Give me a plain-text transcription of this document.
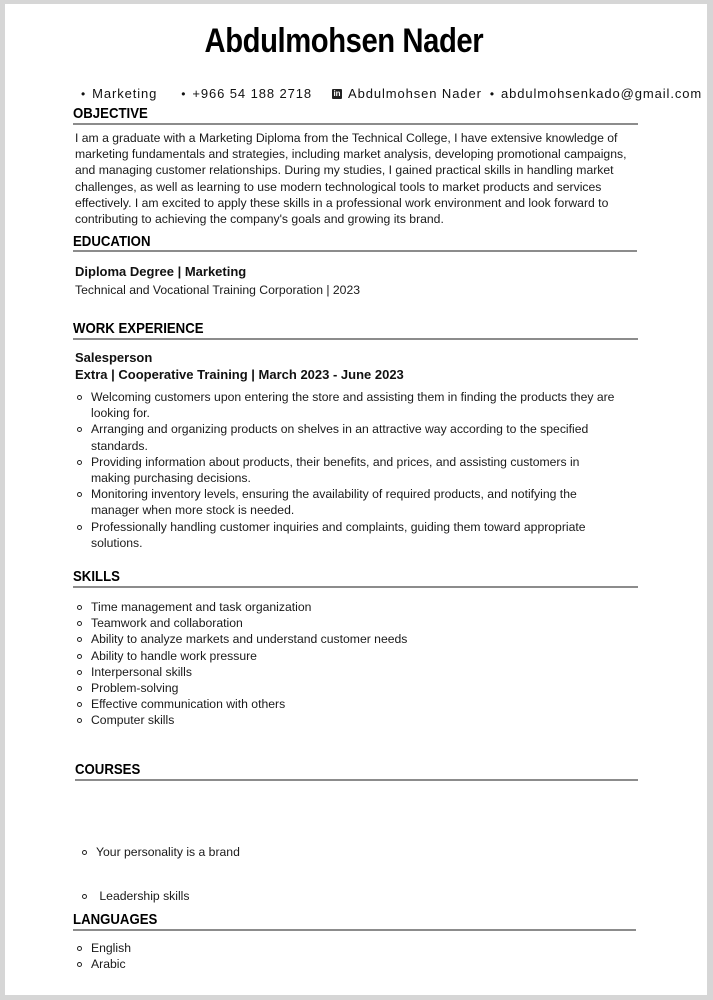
Abdulmohsen Nader
• Marketing • +966 54 188 2718	in Abdulmohsen Nader • abdulmohsenkado@gmail.com
OBJECTIVE
I am a graduate with a Marketing Diploma from the Technical College, I have extensive knowledge of marketing fundamentals and strategies, including market analysis, developing promotional campaigns, and managing customer relationships. During my studies, I gained practical skills in handling market challenges, as well as learning to use modern technological tools to market products and services effectively. I am excited to apply these skills in a professional work environment and look forward to contributing to achieving the company's goals and growing its brand.
EDUCATION
Diploma Degree | Marketing
Technical and Vocational Training Corporation | 2023
WORK EXPERIENCE
Salesperson
Extra | Cooperative Training | March 2023 - June 2023
Welcoming customers upon entering the store and assisting them in finding the products they are looking for.
Arranging and organizing products on shelves in an attractive way according to the specified standards.
Providing information about products, their benefits, and prices, and assisting customers in making purchasing decisions.
Monitoring inventory levels, ensuring the availability of required products, and notifying the manager when more stock is needed.
Professionally handling customer inquiries and complaints, guiding them toward appropriate solutions.
SKILLS
Time management and task organization
Teamwork and collaboration
Ability to analyze markets and understand customer needs
Ability to handle work pressure
Interpersonal skills
Problem-solving
Effective communication with others
Computer skills
COURSES

Your personality is a brand

Leadership skills

LANGUAGES
English
Arabic
